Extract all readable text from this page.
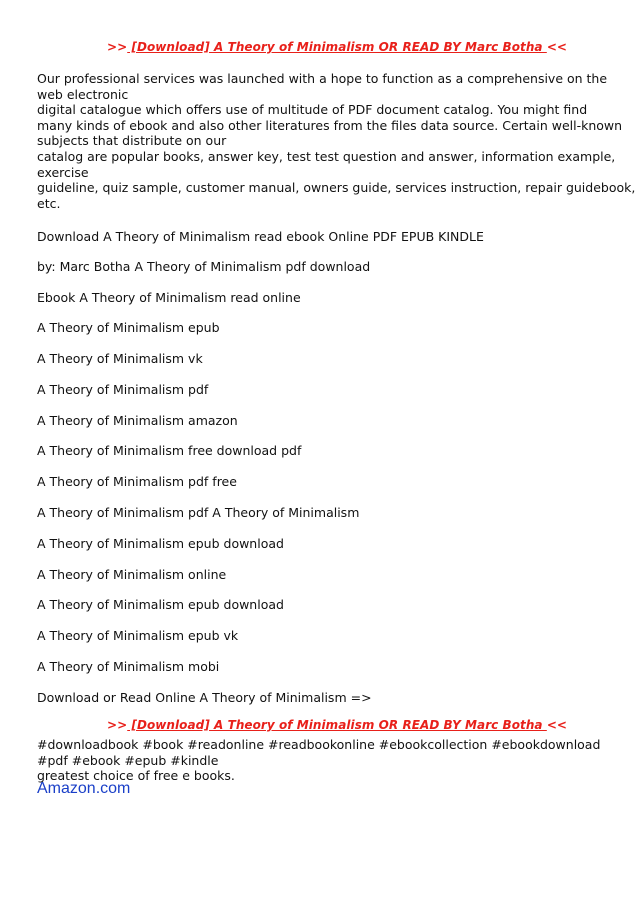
>> [Download] A Theory of Minimalism OR READ BY Marc Botha <<
Our professional services was launched with a hope to function as a comprehensive on the
web electronic
digital catalogue which offers use of multitude of PDF document catalog. You might find
many kinds of ebook and also other literatures from the files data source. Certain well-known
subjects that distribute on our
catalog are popular books, answer key, test test question and answer, information example,
exercise
guideline, quiz sample, customer manual, owners guide, services instruction, repair guidebook,
etc.
Download A Theory of Minimalism read ebook Online PDF EPUB KINDLE
by: Marc Botha A Theory of Minimalism pdf download
Ebook A Theory of Minimalism read online
A Theory of Minimalism epub
A Theory of Minimalism vk
A Theory of Minimalism pdf
A Theory of Minimalism amazon
A Theory of Minimalism free download pdf
A Theory of Minimalism pdf free
A Theory of Minimalism pdf A Theory of Minimalism
A Theory of Minimalism epub download
A Theory of Minimalism online
A Theory of Minimalism epub download
A Theory of Minimalism epub vk
A Theory of Minimalism mobi
Download or Read Online A Theory of Minimalism =>
>> [Download] A Theory of Minimalism OR READ BY Marc Botha <<
#downloadbook #book #readonline #readbookonline #ebookcollection #ebookdownload
#pdf #ebook #epub #kindle
greatest choice of free e books.
Amazon.com
